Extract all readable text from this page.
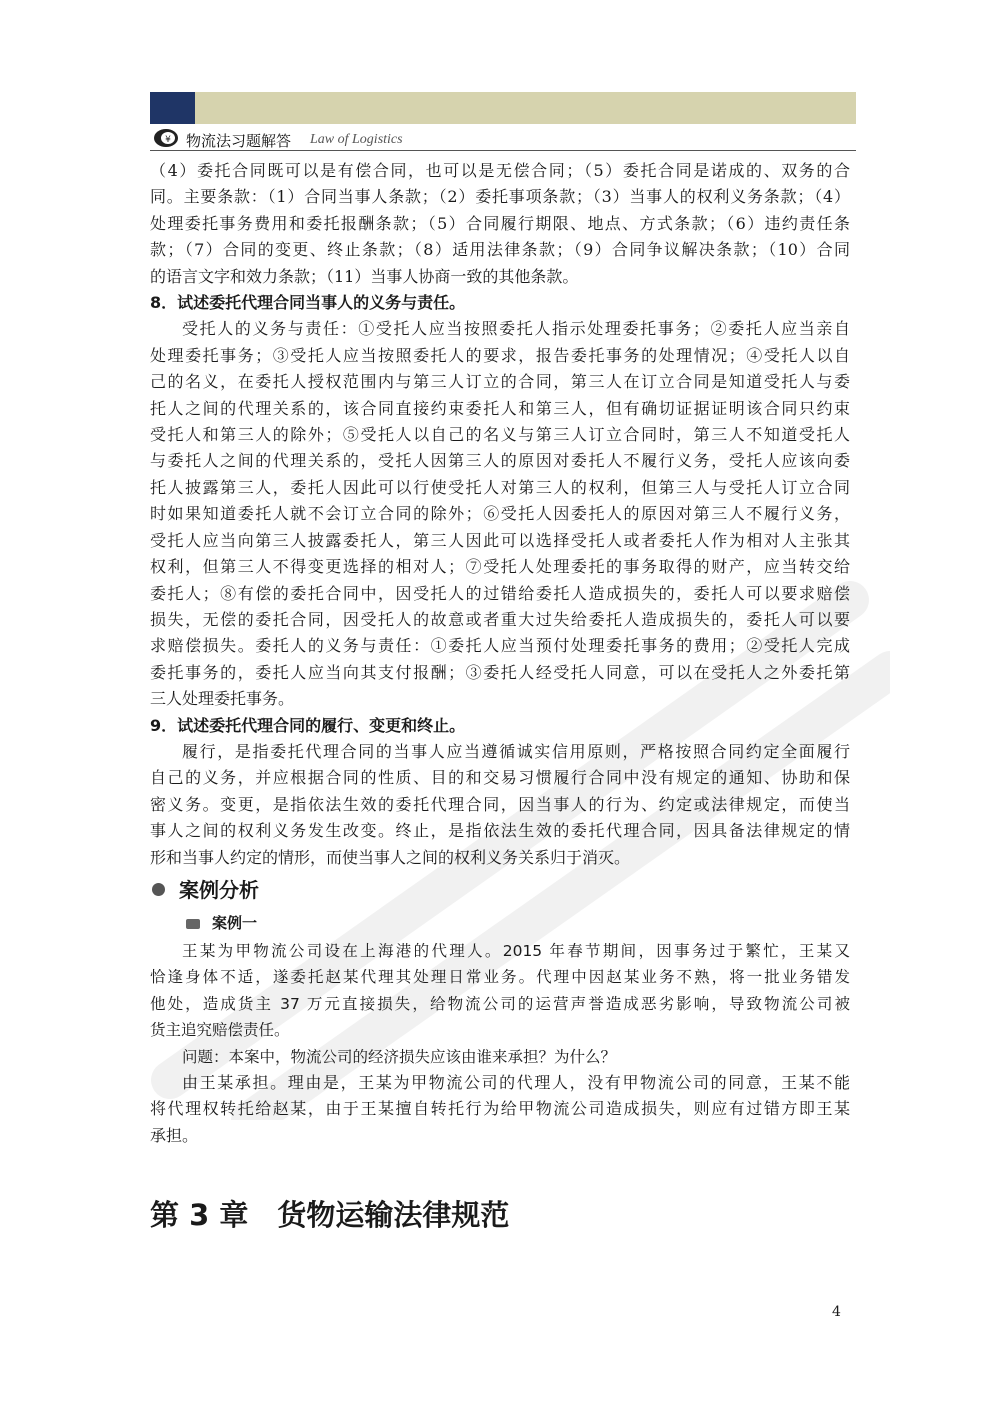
¥ 物流法习题解答 Law of Logistics

（4）委托合同既可以是有偿合同，也可以是无偿合同；（5）委托合同是诺成的、双务的合

同。主要条款：（1）合同当事人条款；（2）委托事项条款；（3）当事人的权利义务条款；（4）

处理委托事务费用和委托报酬条款；（5）合同履行期限、地点、方式条款；（6）违约责任条

款；（7）合同的变更、终止条款；（8）适用法律条款；（9）合同争议解决条款；（10）合同

的语言文字和效力条款；（11）当事人协商一致的其他条款。

8．试述委托代理合同当事人的义务与责任。

受托人的义务与责任：①受托人应当按照委托人指示处理委托事务；②委托人应当亲自

处理委托事务；③受托人应当按照委托人的要求，报告委托事务的处理情况；④受托人以自

己的名义，在委托人授权范围内与第三人订立的合同，第三人在订立合同是知道受托人与委

托人之间的代理关系的，该合同直接约束委托人和第三人，但有确切证据证明该合同只约束

受托人和第三人的除外；⑤受托人以自己的名义与第三人订立合同时，第三人不知道受托人

与委托人之间的代理关系的，受托人因第三人的原因对委托人不履行义务，受托人应该向委

托人披露第三人，委托人因此可以行使受托人对第三人的权利，但第三人与受托人订立合同

时如果知道委托人就不会订立合同的除外；⑥受托人因委托人的原因对第三人不履行义务，

受托人应当向第三人披露委托人，第三人因此可以选择受托人或者委托人作为相对人主张其

权利，但第三人不得变更选择的相对人；⑦受托人处理委托的事务取得的财产，应当转交给

委托人；⑧有偿的委托合同中，因受托人的过错给委托人造成损失的，委托人可以要求赔偿

损失，无偿的委托合同，因受托人的故意或者重大过失给委托人造成损失的，委托人可以要

求赔偿损失。委托人的义务与责任：①委托人应当预付处理委托事务的费用；②受托人完成

委托事务的，委托人应当向其支付报酬；③委托人经受托人同意，可以在受托人之外委托第

三人处理委托事务。

9．试述委托代理合同的履行、变更和终止。

履行，是指委托代理合同的当事人应当遵循诚实信用原则，严格按照合同约定全面履行

自己的义务，并应根据合同的性质、目的和交易习惯履行合同中没有规定的通知、协助和保

密义务。变更，是指依法生效的委托代理合同，因当事人的行为、约定或法律规定，而使当

事人之间的权利义务发生改变。终止，是指依法生效的委托代理合同，因具备法律规定的情

形和当事人约定的情形，而使当事人之间的权利义务关系归于消灭。

案例分析
案例一

王某为甲物流公司设在上海港的代理人。2015 年春节期间，因事务过于繁忙，王某又

恰逢身体不适，遂委托赵某代理其处理日常业务。代理中因赵某业务不熟，将一批业务错发

他处，造成货主 37 万元直接损失，给物流公司的运营声誉造成恶劣影响，导致物流公司被

货主追究赔偿责任。

问题：本案中，物流公司的经济损失应该由谁来承担？为什么？

由王某承担。理由是，王某为甲物流公司的代理人，没有甲物流公司的同意，王某不能

将代理权转托给赵某，由于王某擅自转托行为给甲物流公司造成损失，则应有过错方即王某

承担。

第 3 章　货物运输法律规范
4
